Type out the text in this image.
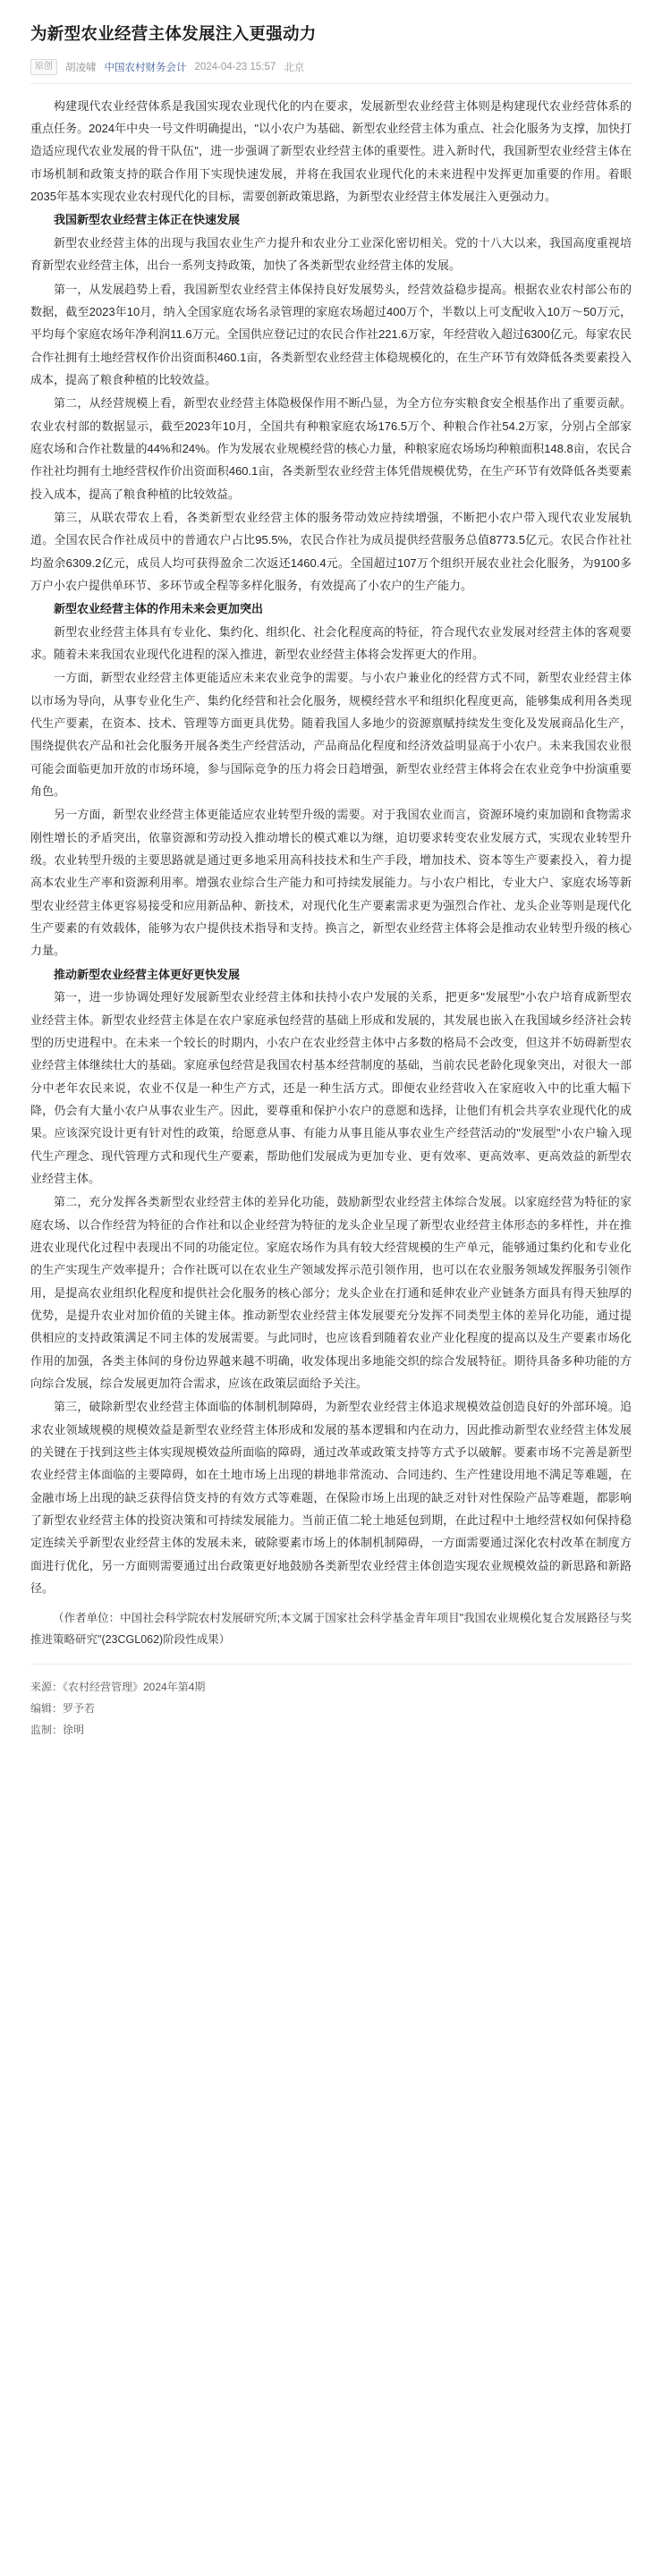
为新型农业经营主体发展注入更强动力
原创	胡凌啸 中国农村财务会计 2024-04-23 15:57 北京

构建现代农业经营体系是我国实现农业现代化的内在要求，发展新型农业经营主体则是构建现代农业经营体系的重点任务。2024年中央一号文件明确提出，"以小农户为基础、新型农业经营主体为重点、社会化服务为支撑，加快打造适应现代农业发展的骨干队伍"，进一步强调了新型农业经营主体的重要性。进入新时代，我国新型农业经营主体在市场机制和政策支持的联合作用下实现快速发展，并将在我国农业现代化的未来进程中发挥更加重要的作用。着眼2035年基本实现农业农村现代化的目标，需要创新政策思路，为新型农业经营主体发展注入更强动力。

我国新型农业经营主体正在快速发展

新型农业经营主体的出现与我国农业生产力提升和农业分工业深化密切相关。党的十八大以来，我国高度重视培育新型农业经营主体，出台一系列支持政策，加快了各类新型农业经营主体的发展。

第一，从发展趋势上看，我国新型农业经营主体保持良好发展势头，经营效益稳步提高。根据农业农村部公布的数据，截至2023年10月，纳入全国家庭农场名录管理的家庭农场超过400万个，半数以上可支配收入10万～50万元，平均每个家庭农场年净利润11.6万元。全国供应登记过的农民合作社221.6万家，年经营收入超过6300亿元。每家农民合作社拥有土地经营权作价出资面积460.1亩，各类新型农业经营主体稳规模化的，在生产环节有效降低各类要素投入成本，提高了粮食种植的比较效益。

第二，从经营规模上看，新型农业经营主体隐极保作用不断凸显，为全方位夯实粮食安全根基作出了重要贡献。农业农村部的数据显示，截至2023年10月，全国共有种粮家庭农场176.5万个、种粮合作社54.2万家，分别占全部家庭农场和合作社数量的44%和24%。作为发展农业规模经营的核心力量，种粮家庭农场场均种粮面积148.8亩，农民合作社社均拥有土地经营权作价出资面积460.1亩，各类新型农业经营主体凭借规模优势，在生产环节有效降低各类要素投入成本，提高了粮食种植的比较效益。

第三，从联农带农上看，各类新型农业经营主体的服务带动效应持续增强，不断把小农户带入现代农业发展轨道。全国农民合作社成员中的普通农户占比95.5%，农民合作社为成员提供经营服务总值8773.5亿元。农民合作社社均盈余6309.2亿元，成员人均可获得盈余二次返还1460.4元。全国超过107万个组织开展农业社会化服务，为9100多万户小农户提供单环节、多环节或全程等多样化服务，有效提高了小农户的生产能力。

新型农业经营主体的作用未来会更加突出

新型农业经营主体具有专业化、集约化、组织化、社会化程度高的特征，符合现代农业发展对经营主体的客观要求。随着未来我国农业现代化进程的深入推进，新型农业经营主体将会发挥更大的作用。

一方面，新型农业经营主体更能适应未来农业竞争的需要。与小农户兼业化的经营方式不同，新型农业经营主体以市场为导向，从事专业化生产、集约化经营和社会化服务，规模经营水平和组织化程度更高，能够集成利用各类现代生产要素，在资本、技术、管理等方面更具优势。随着我国人多地少的资源禀赋持续发生变化及发展商品化生产，围绕提供农产品和社会化服务开展各类生产经营活动，产品商品化程度和经济效益明显高于小农户。未来我国农业很可能会面临更加开放的市场环境，参与国际竞争的压力将会日趋增强，新型农业经营主体将会在农业竞争中扮演重要角色。

另一方面，新型农业经营主体更能适应农业转型升级的需要。对于我国农业而言，资源环境约束加剧和食物需求刚性增长的矛盾突出，依靠资源和劳动投入推动增长的模式难以为继，迫切要求转变农业发展方式，实现农业转型升级。农业转型升级的主要思路就是通过更多地采用高科技技术和生产手段，增加技术、资本等生产要素投入，着力提高本农业生产率和资源利用率。增强农业综合生产能力和可持续发展能力。与小农户相比，专业大户、家庭农场等新型农业经营主体更容易接受和应用新品种、新技术，对现代化生产要素需求更为强烈合作社、龙头企业等则是现代化生产要素的有效载体，能够为农户提供技术指导和支持。换言之，新型农业经营主体将会是推动农业转型升级的核心力量。

推动新型农业经营主体更好更快发展

第一，进一步协调处理好发展新型农业经营主体和扶持小农户发展的关系，把更多"发展型"小农户培育成新型农业经营主体。新型农业经营主体是在农户家庭承包经营的基础上形成和发展的，其发展也嵌入在我国域乡经济社会转型的历史进程中。在未来一个较长的时期内，小农户在农业经营主体中占多数的格局不会改变，但这并不妨碍新型农业经营主体继续壮大的基础。家庭承包经营是我国农村基本经营制度的基础，当前农民老龄化现象突出，对很大一部分中老年农民来说，农业不仅是一种生产方式，还是一种生活方式。即便农业经营收入在家庭收入中的比重大幅下降，仍会有大量小农户从事农业生产。因此，要尊重和保护小农户的意愿和选择，让他们有机会共享农业现代化的成果。应该深究设计更有针对性的政策，给愿意从事、有能力从事且能从事农业生产经营活动的"发展型"小农户输入现代生产理念、现代管理方式和现代生产要素，帮助他们发展成为更加专业、更有效率、更高效率、更高效益的新型农业经营主体。

第二，充分发挥各类新型农业经营主体的差异化功能，鼓励新型农业经营主体综合发展。以家庭经营为特征的家庭农场、以合作经营为特征的合作社和以企业经营为特征的龙头企业呈现了新型农业经营主体形态的多样性，并在推进农业现代化过程中表现出不同的功能定位。家庭农场作为具有较大经营规模的生产单元，能够通过集约化和专业化的生产实现生产效率提升；合作社既可以在农业生产领域发挥示范引领作用，也可以在农业服务领域发挥服务引领作用，是提高农业组织化程度和提供社会化服务的核心部分；龙头企业在打通和延伸农业产业链条方面具有得天独厚的优势，是提升农业对加价值的关键主体。推动新型农业经营主体发展要充分发挥不同类型主体的差异化功能，通过提供相应的支持政策满足不同主体的发展需要。与此同时，也应该看到随着农业产业化程度的提高以及生产要素市场化作用的加强，各类主体间的身份边界越来越不明确，收发体现出多地能交织的综合发展特征。期待具备多种功能的方向综合发展，综合发展更加符合需求，应该在政策层面给予关注。

第三，破除新型农业经营主体面临的体制机制障碍，为新型农业经营主体追求规模效益创造良好的外部环境。追求农业领域规模的规模效益是新型农业经营主体形成和发展的基本逻辑和内在动力，因此推动新型农业经营主体发展的关键在于找到这些主体实现规模效益所面临的障碍，通过改革或政策支持等方式予以破解。要素市场不完善是新型农业经营主体面临的主要障碍，如在土地市场上出现的耕地非常流动、合同违约、生产性建设用地不满足等难题，在金融市场上出现的缺乏获得信贷支持的有效方式等难题，在保险市场上出现的缺乏对针对性保险产品等难题，都影响了新型农业经营主体的投资决策和可持续发展能力。当前正值二轮土地延包到期，在此过程中土地经营权如何保持稳定连续关乎新型农业经营主体的发展未来，破除要素市场上的体制机制障碍，一方面需要通过深化农村改革在制度方面进行优化，另一方面则需要通过出台政策更好地鼓励各类新型农业经营主体创造实现农业规模效益的新思路和新路径。

（作者单位：中国社会科学院农村发展研究所;本文属于国家社会科学基金青年项目"我国农业规模化复合发展路径与奖推进策略研究"(23CGL062)阶段性成果）

来源：《农村经营管理》2024年第4期
编辑：罗予若
监制：徐明
